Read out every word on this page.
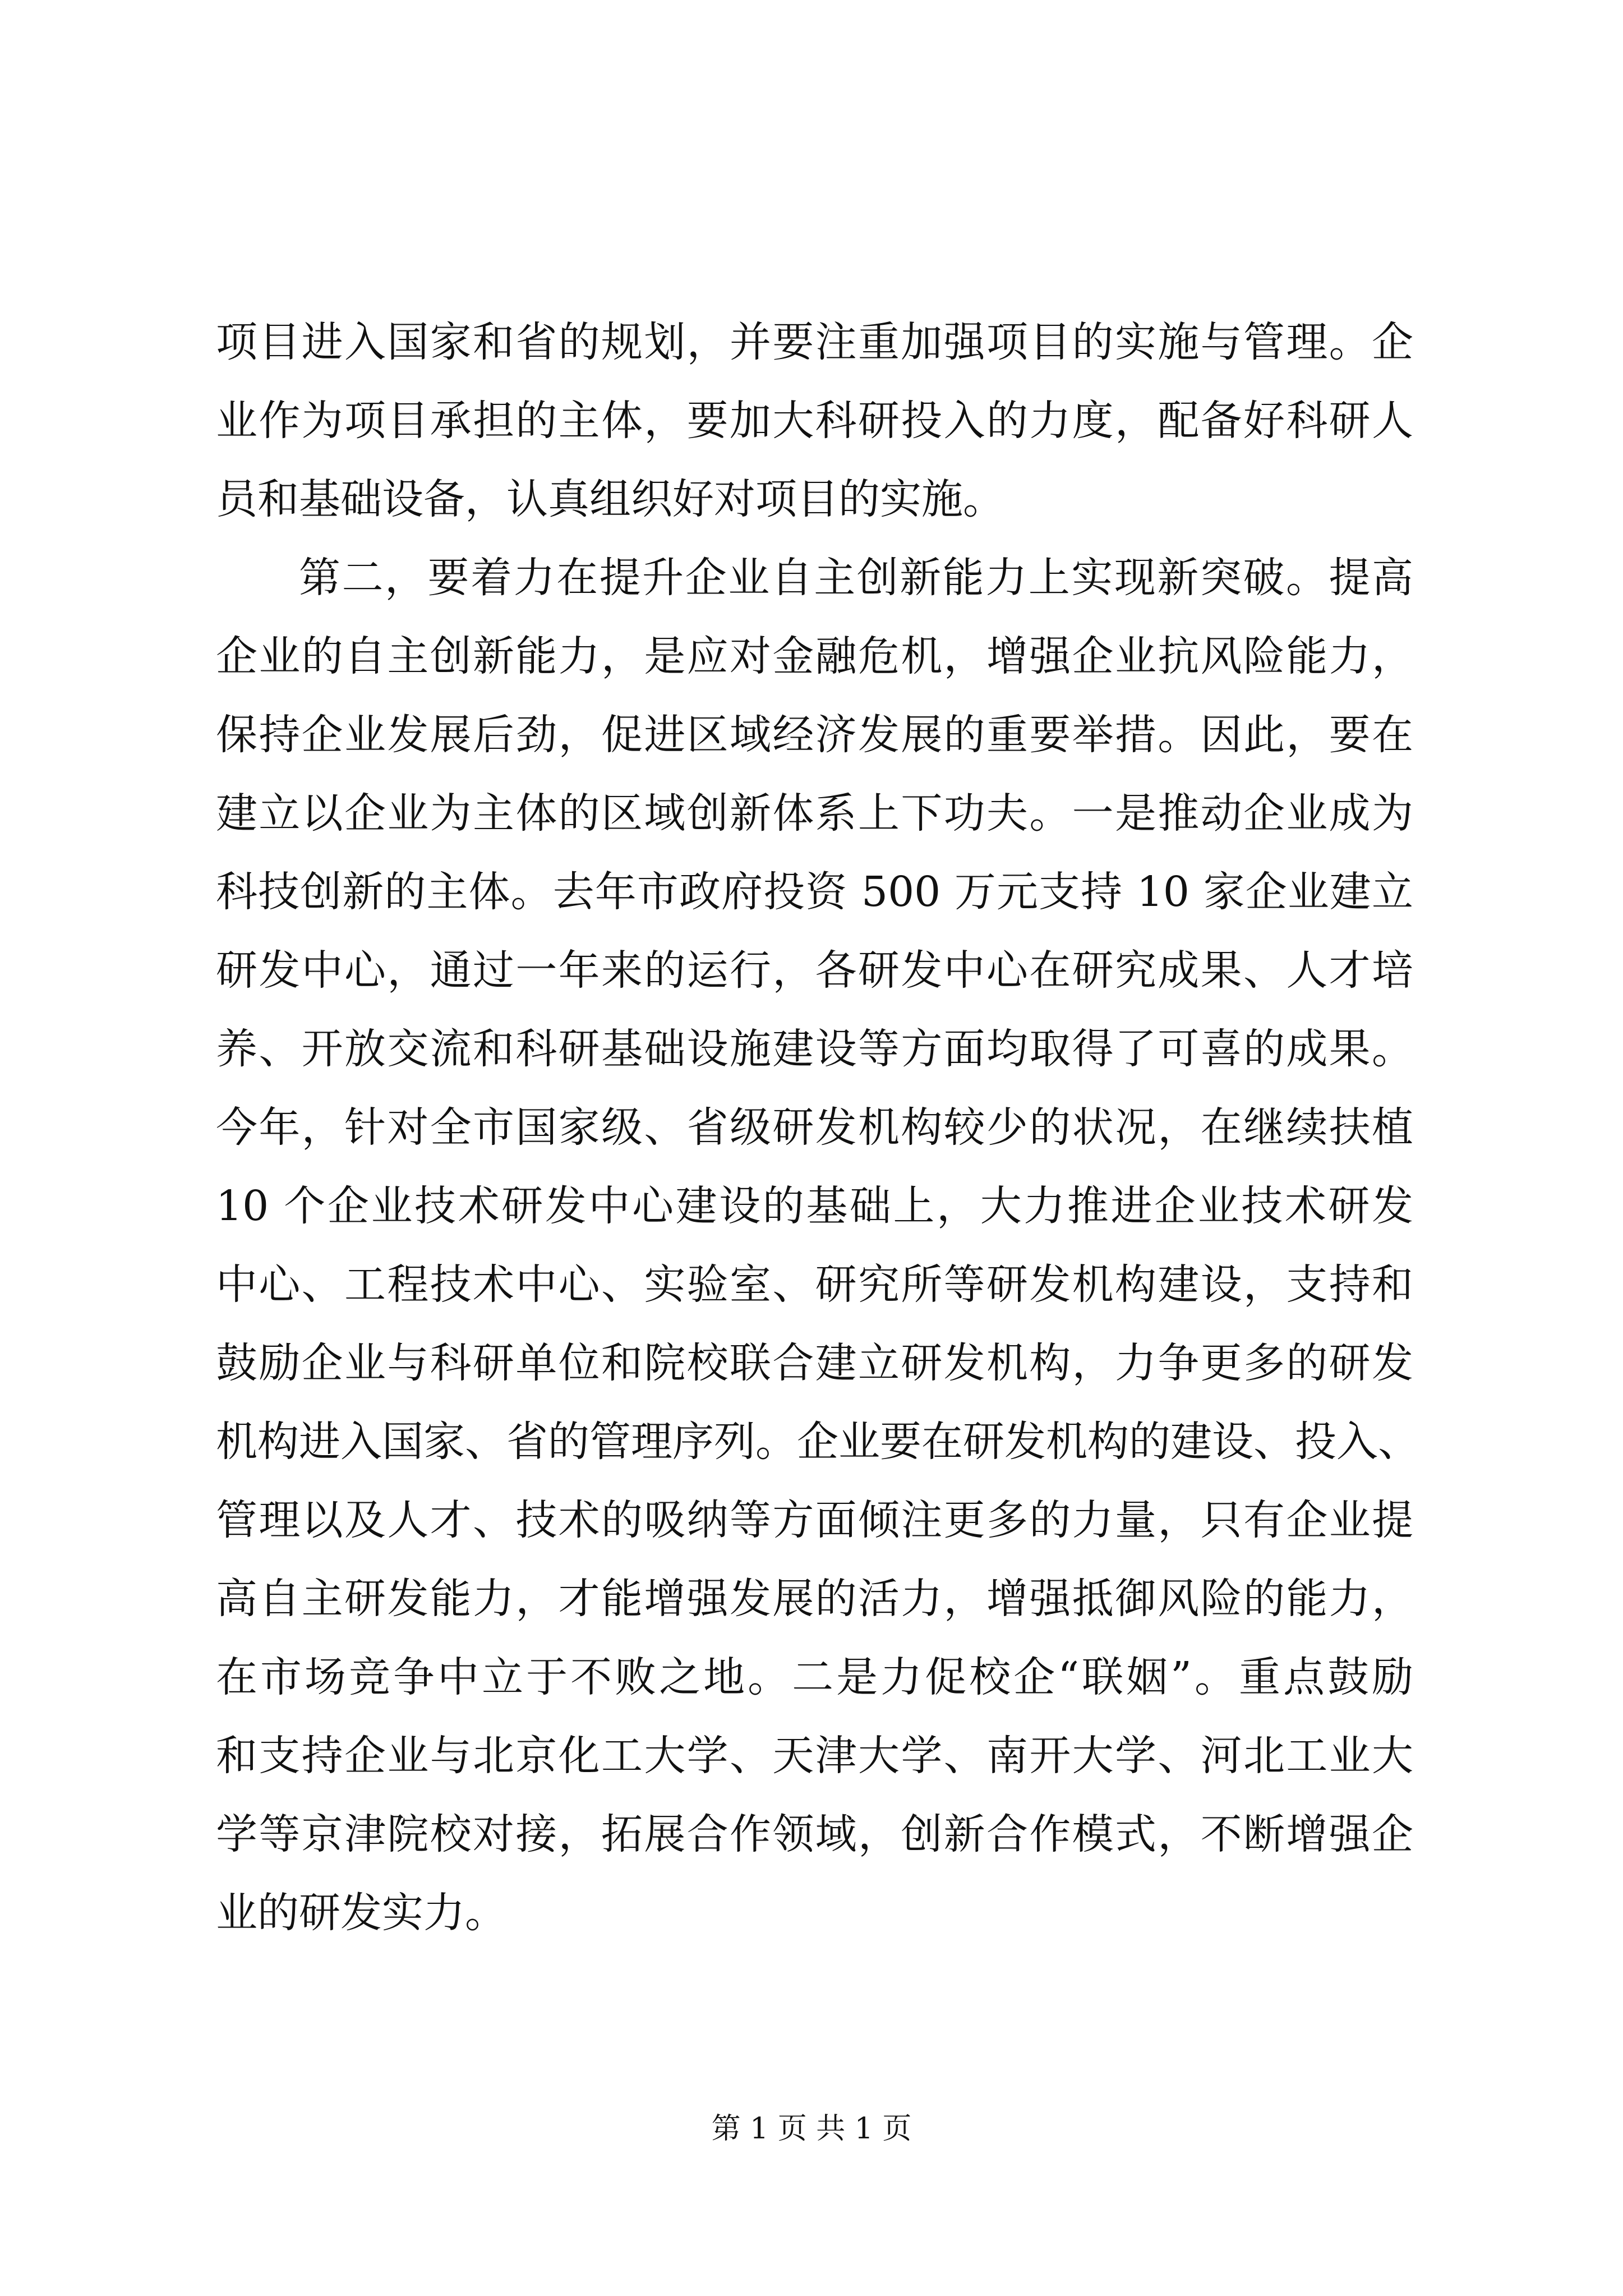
项目进入国家和省的规划，并要注重加强项目的实施与管理。企
业作为项目承担的主体，要加大科研投入的力度，配备好科研人
员和基础设备，认真组织好对项目的实施。
第二，要着力在提升企业自主创新能力上实现新突破。提高
企业的自主创新能力，是应对金融危机，增强企业抗风险能力，
保持企业发展后劲，促进区域经济发展的重要举措。因此，要在
建立以企业为主体的区域创新体系上下功夫。一是推动企业成为
科技创新的主体。去年市政府投资 500 万元支持 10 家企业建立
研发中心，通过一年来的运行，各研发中心在研究成果、人才培
养、开放交流和科研基础设施建设等方面均取得了可喜的成果。
今年，针对全市国家级、省级研发机构较少的状况，在继续扶植
10 个企业技术研发中心建设的基础上，大力推进企业技术研发
中心、工程技术中心、实验室、研究所等研发机构建设，支持和
鼓励企业与科研单位和院校联合建立研发机构，力争更多的研发
机构进入国家、省的管理序列。企业要在研发机构的建设、投入、
管理以及人才、技术的吸纳等方面倾注更多的力量，只有企业提
高自主研发能力，才能增强发展的活力，增强抵御风险的能力，
在市场竞争中立于不败之地。二是力促校企“联姻”。重点鼓励
和支持企业与北京化工大学、天津大学、南开大学、河北工业大
学等京津院校对接，拓展合作领域，创新合作模式，不断增强企
业的研发实力。
第 1 页 共 1 页
